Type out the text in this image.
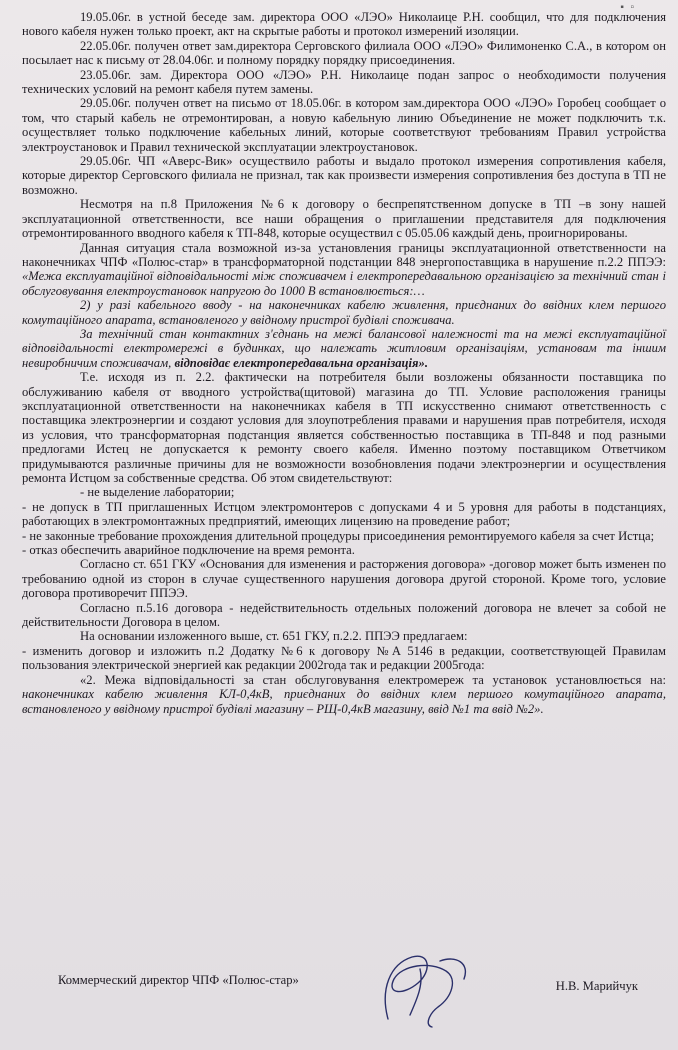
▪ ▫

19.05.06г. в устной беседе зам. директора ООО «ЛЭО» Николаице Р.Н. сообщил, что для подключения нового кабеля нужен только проект, акт на скрытые работы и протокол измерений изоляции.

22.05.06г. получен ответ зам.директора Серговского филиала ООО «ЛЭО» Филимоненко С.А., в котором он посылает нас к письму от 28.04.06г. и полному порядку порядку присоединения.

23.05.06г. зам. Директора ООО «ЛЭО» Р.Н. Николаице подан запрос о необходимости получения технических условий на ремонт кабеля путем замены.

29.05.06г. получен ответ на письмо от 18.05.06г. в котором зам.директора ООО «ЛЭО» Горобец сообщает о том, что старый кабель не отремонтирован, а новую кабельную линию Объединение не может подключить т.к. осуществляет только подключение кабельных линий, которые соответствуют требованиям Правил устройства электроустановок и Правил технической эксплуатации электроустановок.

29.05.06г. ЧП «Аверс-Вик» осуществило работы и выдало протокол измерения сопротивления кабеля, которые директор Серговского филиала не признал, так как произвести измерения сопротивления без доступа в ТП не возможно.

Несмотря на п.8 Приложения №6 к договору о беспрепятственном допуске в ТП –в зону нашей эксплуатационной ответственности, все наши обращения о приглашении представителя для подключения отремонтированного вводного кабеля к ТП-848, которые осуществил с 05.05.06 каждый день, проигнорированы.

Данная ситуация стала возможной из-за установления границы эксплуатационной ответственности на наконечниках ЧПФ «Полюс-стар» в трансформаторной подстанции 848 энергопоставщика в нарушение п.2.2 ППЭЭ: «Межа експлуатаційної відповідальності між споживачем і електропередавальною організацією за технічний стан і обслуговування електроустановок напругою до 1000 В встановлюється:…

2) у разі кабельного вводу - на наконечниках кабелю живлення, приєднаних до ввідних клем першого комутаційного апарата, встановленого у ввідному пристрої будівлі споживача.

За технічний стан контактних з'єднань на межі балансової належності та на межі експлуатаційної відповідальності електромережі в будинках, що належать житловим організаціям, установам та іншим невиробничим споживачам, відповідає електропередавальна організація».

Т.е. исходя из п. 2.2. фактически на потребителя были возложены обязанности поставщика по обслуживанию кабеля от вводного устройства(щитовой) магазина до ТП. Условие расположения границы эксплуатационной ответственности на наконечниках кабеля в ТП искусственно снимают ответственность с поставщика электроэнергии и создают условия для злоупотребления правами и нарушения прав потребителя, исходя из условия, что трансформаторная подстанция является собственностью поставщика в ТП-848 и под разными предлогами Истец не допускается к ремонту своего кабеля. Именно поэтому поставщиком Ответчиком придумываются различные причины для не возможности возобновления подачи электроэнергии и осуществления ремонта Истцом за собственные средства. Об этом свидетельствуют:

- не выделение лаборатории;

- не допуск в ТП приглашенных Истцом электромонтеров с допусками 4 и 5 уровня для работы в подстанциях, работающих в электромонтажных предприятий, имеющих лицензию на проведение работ;

- не законные требование прохождения длительной процедуры присоединения ремонтируемого кабеля за счет Истца;

- отказ обеспечить аварийное подключение на время ремонта.

Согласно ст. 651 ГКУ «Основания для изменения и расторжения договора» -договор может быть изменен по требованию одной из сторон в случае существенного нарушения договора другой стороной. Кроме того, условие договора противоречит ППЭЭ.

Согласно п.5.16 договора - недействительность отдельных положений договора не влечет за собой не действительности Договора в целом.

На основании изложенного выше, ст. 651 ГКУ, п.2.2. ППЭЭ предлагаем:

- изменить договор и изложить п.2 Додатку №6 к договору №А 5146 в редакции, соответствующей Правилам пользования электрической энергией как редакции 2002года так и редакции 2005года:

«2. Межа відповідальності за стан обслуговування електромереж та установок установлюється на: наконечниках кабелю живлення КЛ-0,4кВ, приєднаних до ввідних клем першого комутаційного апарата, встановленого у ввідному пристрої будівлі магазину – РЩ-0,4кВ магазину, ввід №1 та ввід №2».

Коммерческий директор ЧПФ «Полюс-стар»	Н.В. Марийчук
